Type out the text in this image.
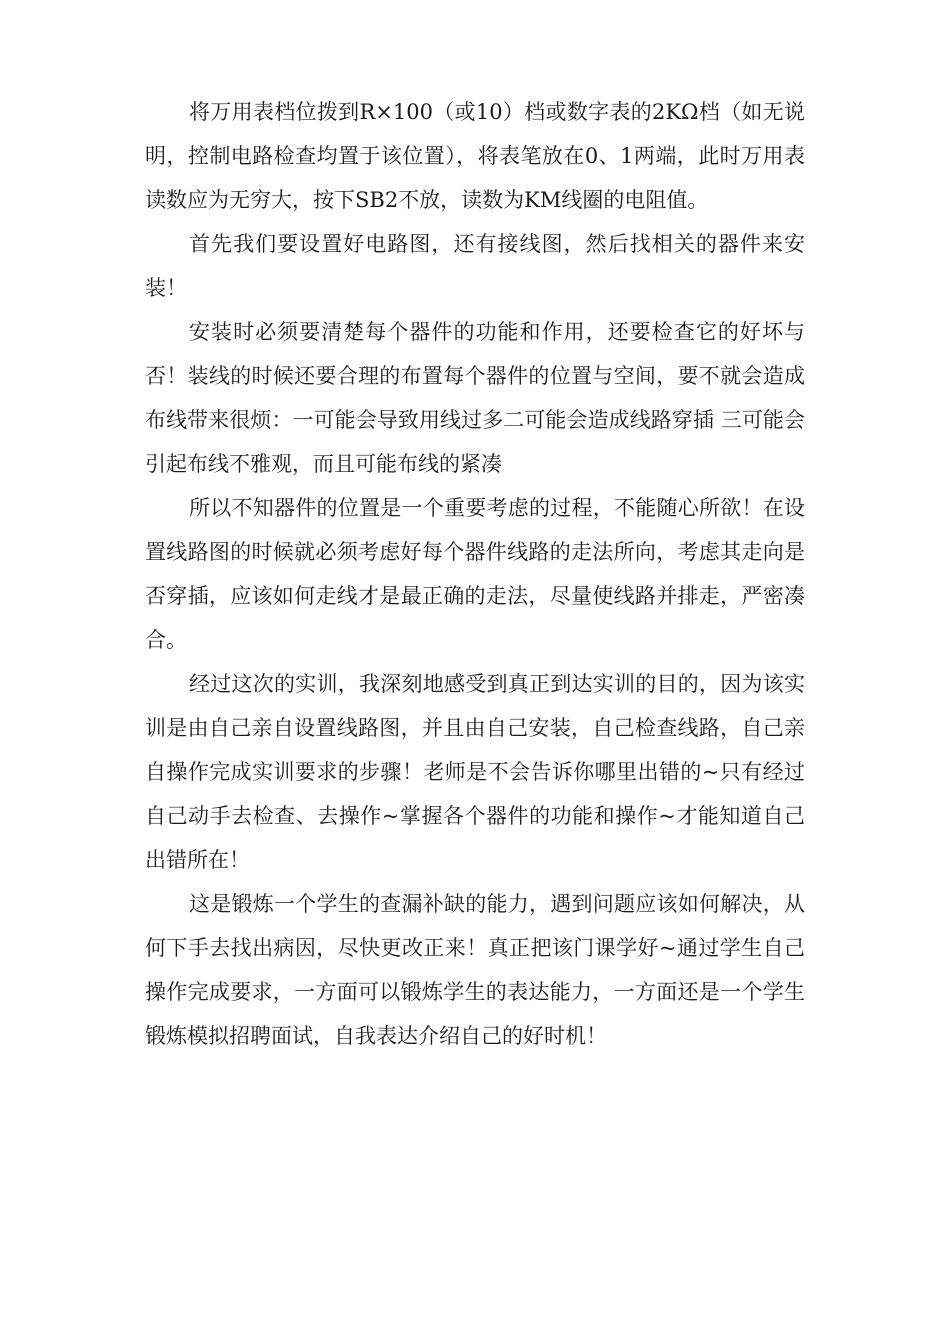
将万用表档位拨到R×100（或10）档或数字表的2KΩ档（如无说明，控制电路检查均置于该位置），将表笔放在0、1两端，此时万用表读数应为无穷大，按下SB2不放，读数为KM线圈的电阻值。

首先我们要设置好电路图，还有接线图，然后找相关的器件来安装！

安装时必须要清楚每个器件的功能和作用，还要检查它的好坏与否！装线的时候还要合理的布置每个器件的位置与空间，要不就会造成布线带来很烦：一可能会导致用线过多二可能会造成线路穿插 三可能会引起布线不雅观，而且可能布线的紧凑

所以不知器件的位置是一个重要考虑的过程，不能随心所欲！在设置线路图的时候就必须考虑好每个器件线路的走法所向，考虑其走向是否穿插，应该如何走线才是最正确的走法，尽量使线路并排走，严密凑合。

经过这次的实训，我深刻地感受到真正到达实训的目的，因为该实训是由自己亲自设置线路图，并且由自己安装，自己检查线路，自己亲自操作完成实训要求的步骤！老师是不会告诉你哪里出错的~只有经过自己动手去检查、去操作~掌握各个器件的功能和操作~才能知道自己出错所在！

这是锻炼一个学生的查漏补缺的能力，遇到问题应该如何解决，从何下手去找出病因，尽快更改正来！真正把该门课学好~通过学生自己操作完成要求，一方面可以锻炼学生的表达能力，一方面还是一个学生锻炼模拟招聘面试，自我表达介绍自己的好时机！
